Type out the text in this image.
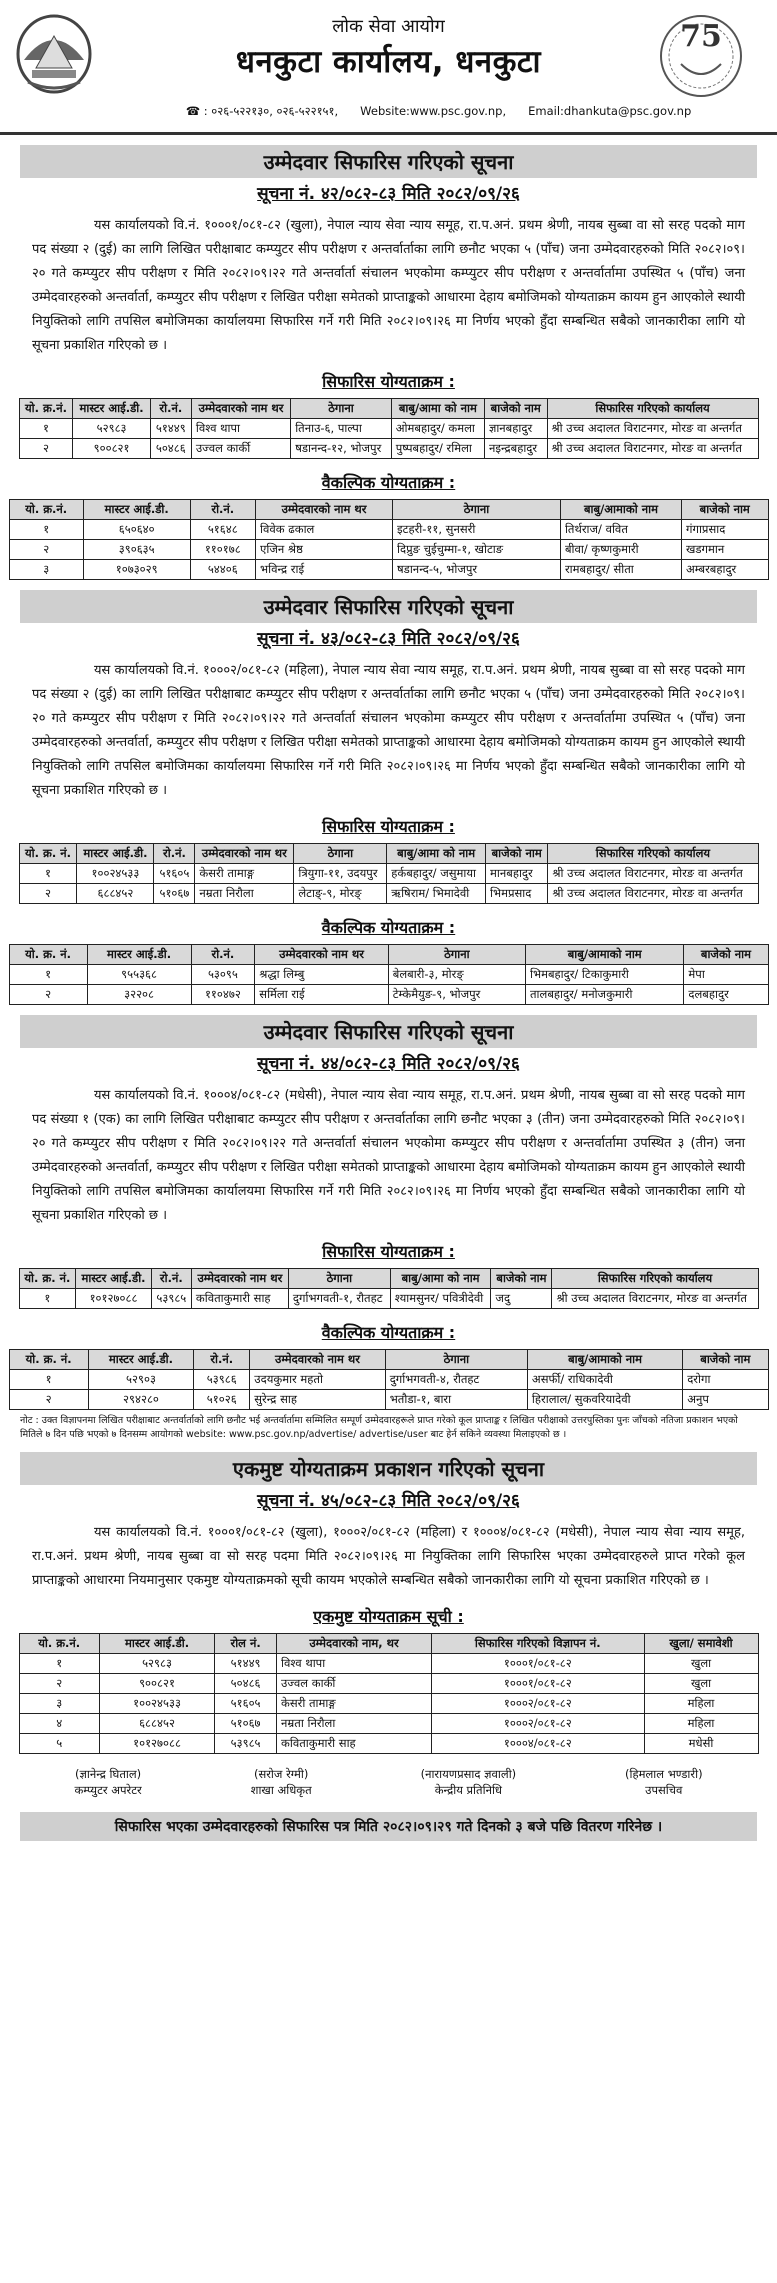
लोक सेवा आयोग
धनकुटा कार्यालय, धनकुटा
☎ : ०२६-५२२१३०, ०२६-५२२१५१, Website:www.psc.gov.np, Email:dhankuta@psc.gov.np
75
उम्मेदवार सिफारिस गरिएको सूचना
सूचना नं. ४२/०८२-८३ मिति २०८२/०९/२६
यस कार्यालयको वि.नं. १०००१/०८१-८२ (खुला), नेपाल न्याय सेवा न्याय समूह, रा.प.अनं. प्रथम श्रेणी, नायब सुब्बा वा सो सरह पदको माग पद संख्या २ (दुई) का लागि लिखित परीक्षाबाट कम्प्युटर सीप परीक्षण र अन्तर्वार्ताका लागि छनौट भएका ५ (पाँच) जना उम्मेदवारहरुको मिति २०८२।०९।२० गते कम्प्युटर सीप परीक्षण र मिति २०८२।०९।२२ गते अन्तर्वार्ता संचालन भएकोमा कम्प्युटर सीप परीक्षण र अन्तर्वार्तामा उपस्थित ५ (पाँच) जना उम्मेदवारहरुको अन्तर्वार्ता, कम्प्युटर सीप परीक्षण र लिखित परीक्षा समेतको प्राप्ताङ्कको आधारमा देहाय बमोजिमको योग्यताक्रम कायम हुन आएकोले स्थायी नियुक्तिको लागि तपसिल बमोजिमका कार्यालयमा सिफारिस गर्ने गरी मिति २०८२।०९।२६ मा निर्णय भएको हुँदा सम्बन्धित सबैको जानकारीका लागि यो सूचना प्रकाशित गरिएको छ ।
सिफारिस योग्यताक्रम :
यो. क्र.नं.	मास्टर आई.डी.	रो.नं.	उम्मेदवारको नाम थर	ठेगाना	बाबु/आमा को नाम	बाजेको नाम	सिफारिस गरिएको कार्यालय
१	५२९८३	५१४४९	विश्व थापा	तिनाउ-६, पाल्पा	ओमबहादुर/ कमला	ज्ञानबहादुर	श्री उच्च अदालत विराटनगर, मोरङ वा अन्तर्गत
२	९००८२१	५०४८६	उज्वल कार्की	षडानन्द-१२, भोजपुर	पुष्पबहादुर/ रमिला	नइन्द्रबहादुर	श्री उच्च अदालत विराटनगर, मोरङ वा अन्तर्गत
वैकल्पिक योग्यताक्रम :
यो. क्र.नं.	मास्टर आई.डी.	रो.नं.	उम्मेदवारको नाम थर	ठेगाना	बाबु/आमाको नाम	बाजेको नाम
१	६५०६४०	५१६४८	विवेक ढकाल	इटहरी-११, सुनसरी	तिर्थराज/ ववित	गंगाप्रसाद
२	३९०६३५	११०१७८	एजिन श्रेष्ठ	दिप्रुङ चुईचुम्मा-१, खोटाङ	बीवा/ कृष्णकुमारी	खडगमान
३	१०७३०२९	५४४०६	भविन्द्र राई	षडानन्द-५, भोजपुर	रामबहादुर/ सीता	अम्बरबहादुर
उम्मेदवार सिफारिस गरिएको सूचना
सूचना नं. ४३/०८२-८३ मिति २०८२/०९/२६
यस कार्यालयको वि.नं. १०००२/०८१-८२ (महिला), नेपाल न्याय सेवा न्याय समूह, रा.प.अनं. प्रथम श्रेणी, नायब सुब्बा वा सो सरह पदको माग पद संख्या २ (दुई) का लागि लिखित परीक्षाबाट कम्प्युटर सीप परीक्षण र अन्तर्वार्ताका लागि छनौट भएका ५ (पाँच) जना उम्मेदवारहरुको मिति २०८२।०९।२० गते कम्प्युटर सीप परीक्षण र मिति २०८२।०९।२२ गते अन्तर्वार्ता संचालन भएकोमा कम्प्युटर सीप परीक्षण र अन्तर्वार्तामा उपस्थित ५ (पाँच) जना उम्मेदवारहरुको अन्तर्वार्ता, कम्प्युटर सीप परीक्षण र लिखित परीक्षा समेतको प्राप्ताङ्कको आधारमा देहाय बमोजिमको योग्यताक्रम कायम हुन आएकोले स्थायी नियुक्तिको लागि तपसिल बमोजिमका कार्यालयमा सिफारिस गर्ने गरी मिति २०८२।०९।२६ मा निर्णय भएको हुँदा सम्बन्धित सबैको जानकारीका लागि यो सूचना प्रकाशित गरिएको छ ।
सिफारिस योग्यताक्रम :
यो. क्र. नं.	मास्टर आई.डी.	रो.नं.	उम्मेदवारको नाम थर	ठेगाना	बाबु/आमा को नाम	बाजेको नाम	सिफारिस गरिएको कार्यालय
१	१००२४५३३	५१६०५	केसरी तामाङ्ग	त्रियुगा-११, उदयपुर	हर्कबहादुर/ जसुमाया	मानबहादुर	श्री उच्च अदालत विराटनगर, मोरङ वा अन्तर्गत
२	६८८४५२	५१०६७	नम्रता निरौला	लेटाङ्-९, मोरङ्	ऋषिराम/ भिमादेवी	भिमप्रसाद	श्री उच्च अदालत विराटनगर, मोरङ वा अन्तर्गत
वैकल्पिक योग्यताक्रम :
यो. क्र. नं.	मास्टर आई.डी.	रो.नं.	उम्मेदवारको नाम थर	ठेगाना	बाबु/आमाको नाम	बाजेको नाम
१	९५५३६८	५३०९५	श्रद्धा लिम्बु	बेलबारी-३, मोरङ्	भिमबहादुर/ टिकाकुमारी	मेपा
२	३२२०८	११०४७२	सर्मिला राई	टेम्केमैयुङ-९, भोजपुर	तालबहादुर/ मनोजकुमारी	दलबहादुर
उम्मेदवार सिफारिस गरिएको सूचना
सूचना नं. ४४/०८२-८३ मिति २०८२/०९/२६
यस कार्यालयको वि.नं. १०००४/०८१-८२ (मधेसी), नेपाल न्याय सेवा न्याय समूह, रा.प.अनं. प्रथम श्रेणी, नायब सुब्बा वा सो सरह पदको माग पद संख्या १ (एक) का लागि लिखित परीक्षाबाट कम्प्युटर सीप परीक्षण र अन्तर्वार्ताका लागि छनौट भएका ३ (तीन) जना उम्मेदवारहरुको मिति २०८२।०९।२० गते कम्प्युटर सीप परीक्षण र मिति २०८२।०९।२२ गते अन्तर्वार्ता संचालन भएकोमा कम्प्युटर सीप परीक्षण र अन्तर्वार्तामा उपस्थित ३ (तीन) जना उम्मेदवारहरुको अन्तर्वार्ता, कम्प्युटर सीप परीक्षण र लिखित परीक्षा समेतको प्राप्ताङ्कको आधारमा देहाय बमोजिमको योग्यताक्रम कायम हुन आएकोले स्थायी नियुक्तिको लागि तपसिल बमोजिमका कार्यालयमा सिफारिस गर्ने गरी मिति २०८२।०९।२६ मा निर्णय भएको हुँदा सम्बन्धित सबैको जानकारीका लागि यो सूचना प्रकाशित गरिएको छ ।
सिफारिस योग्यताक्रम :
यो. क्र. नं.	मास्टर आई.डी.	रो.नं.	उम्मेदवारको नाम थर	ठेगाना	बाबु/आमा को नाम	बाजेको नाम	सिफारिस गरिएको कार्यालय
१	१०१२७०८८	५३९८५	कविताकुमारी साह	दुर्गाभगवती-१, रौतहट	श्यामसुनर/ पवित्रीदेवी	जदु	श्री उच्च अदालत विराटनगर, मोरङ वा अन्तर्गत
वैकल्पिक योग्यताक्रम :
यो. क्र. नं.	मास्टर आई.डी.	रो.नं.	उम्मेदवारको नाम थर	ठेगाना	बाबु/आमाको नाम	बाजेको नाम
१	५२९०३	५३९८६	उदयकुमार महतो	दुर्गाभगवती-४, रौतहट	असर्फी/ राधिकादेवी	दरोगा
२	२९४२८०	५१०२६	सुरेन्द्र साह	भतौडा-१, बारा	हिरालाल/ सुकवरियादेवी	अनुप
नोट : उक्त विज्ञापनमा लिखित परीक्षाबाट अन्तर्वार्ताको लागि छनौट भई अन्तर्वार्तामा सम्मिलित सम्पूर्ण उम्मेदवारहरूले प्राप्त गरेको कूल प्राप्ताङ्क र लिखित परीक्षाको उत्तरपुस्तिका पुनः जाँचको नतिजा प्रकाशन भएको मितिले ७ दिन पछि भएको ७ दिनसम्म आयोगको website: www.psc.gov.np/advertise/ advertise/user बाट हेर्न सकिने व्यवस्था मिलाइएको छ ।
एकमुष्ट योग्यताक्रम प्रकाशन गरिएको सूचना
सूचना नं. ४५/०८२-८३ मिति २०८२/०९/२६
यस कार्यालयको वि.नं. १०००१/०८१-८२ (खुला), १०००२/०८१-८२ (महिला) र १०००४/०८१-८२ (मधेसी), नेपाल न्याय सेवा न्याय समूह, रा.प.अनं. प्रथम श्रेणी, नायब सुब्बा वा सो सरह पदमा मिति २०८२।०९।२६ मा नियुक्तिका लागि सिफारिस भएका उम्मेदवारहरुले प्राप्त गरेको कूल प्राप्ताङ्कको आधारमा नियमानुसार एकमुष्ट योग्यताक्रमको सूची कायम भएकोले सम्बन्धित सबैको जानकारीका लागि यो सूचना प्रकाशित गरिएको छ ।
एकमुष्ट योग्यताक्रम सूची :
यो. क्र.नं.	मास्टर आई.डी.	रोल नं.	उम्मेदवारको नाम, थर	सिफारिस गरिएको विज्ञापन नं.	खुला/ समावेशी
१	५२९८३	५१४४९	विश्व थापा	१०००१/०८१-८२	खुला
२	९००८२१	५०४८६	उज्वल कार्की	१०००१/०८१-८२	खुला
३	१००२४५३३	५१६०५	केसरी तामाङ्ग	१०००२/०८१-८२	महिला
४	६८८४५२	५१०६७	नम्रता निरौला	१०००२/०८१-८२	महिला
५	१०१२७०८८	५३९८५	कविताकुमारी साह	१०००४/०८१-८२	मधेसी
(ज्ञानेन्द्र घिताल)
कम्प्युटर अपरेटर
(सरोज रेग्मी)
शाखा अधिकृत
(नारायणप्रसाद ज्ञवाली)
केन्द्रीय प्रतिनिधि
(हिमलाल भण्डारी)
उपसचिव
सिफारिस भएका उम्मेदवारहरुको सिफारिस पत्र मिति २०८२।०९।२९ गते दिनको ३ बजे पछि वितरण गरिनेछ ।
